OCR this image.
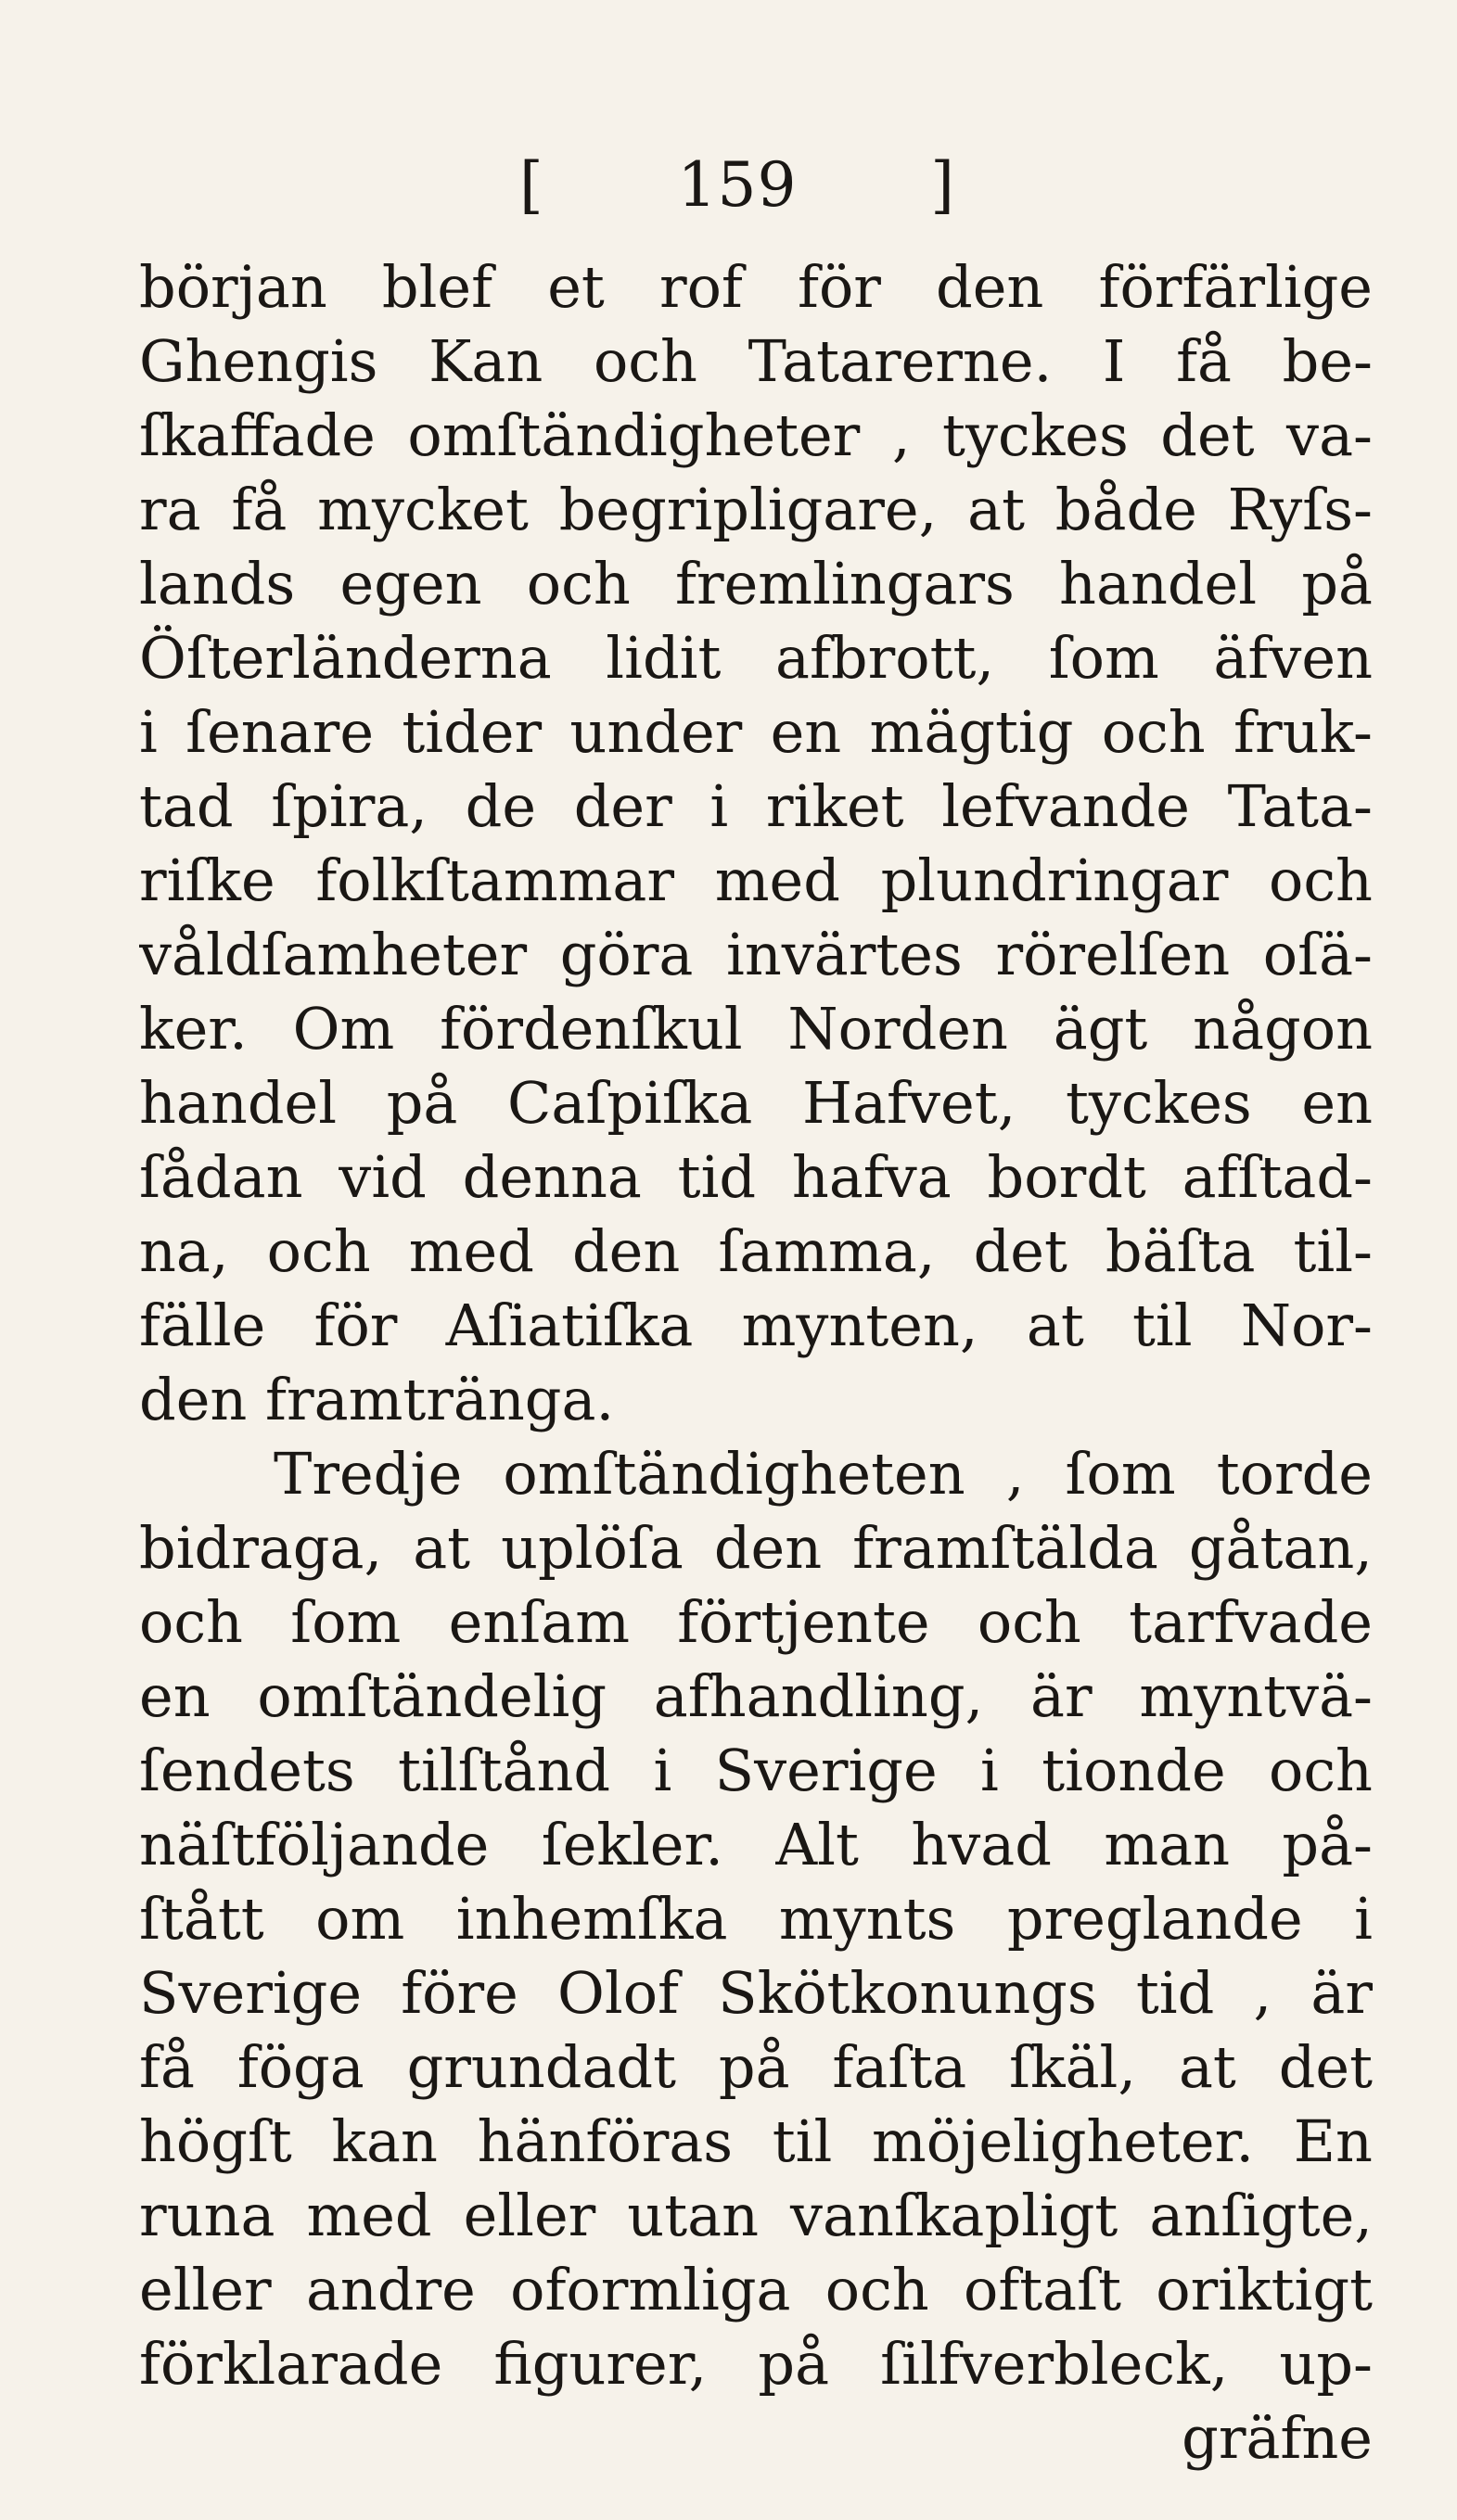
[ 159 ]
början blef et rof för den förfärlige
Ghengis Kan och Tatarerne. I få be-
ſkaffade omſtändigheter , tyckes det va-
ra få mycket begripligare, at både Ryſs-
lands egen och fremlingars handel på
Öſterländerna lidit afbrott, ſom äfven
i ſenare tider under en mägtig och fruk-
tad ſpira, de der i riket lefvande Tata-
riſke folkſtammar med plundringar och
våldſamheter göra invärtes rörelſen oſä-
ker. Om fördenſkul Norden ägt någon
handel på Caſpiſka Hafvet, tyckes en
ſådan vid denna tid hafva bordt afſtad-
na, och med den ſamma, det bäſta til-
fälle för Aſiatiſka mynten, at til Nor-
den framtränga.
Tredje omſtändigheten , ſom torde
bidraga, at uplöſa den framſtälda gåtan,
och ſom enſam förtjente och tarfvade
en omſtändelig afhandling, är myntvä-
ſendets tilſtånd i Sverige i tionde och
näſtföljande ſekler. Alt hvad man på-
ſtått om inhemſka mynts preglande i
Sverige före Olof Skötkonungs tid , är
få föga grundadt på faſta ſkäl, at det
högſt kan hänföras til möjeligheter. En
runa med eller utan vanſkapligt anſigte,
eller andre oformliga och oftaſt oriktigt
förklarade figurer, på ſilfverbleck, up-
gräfne
